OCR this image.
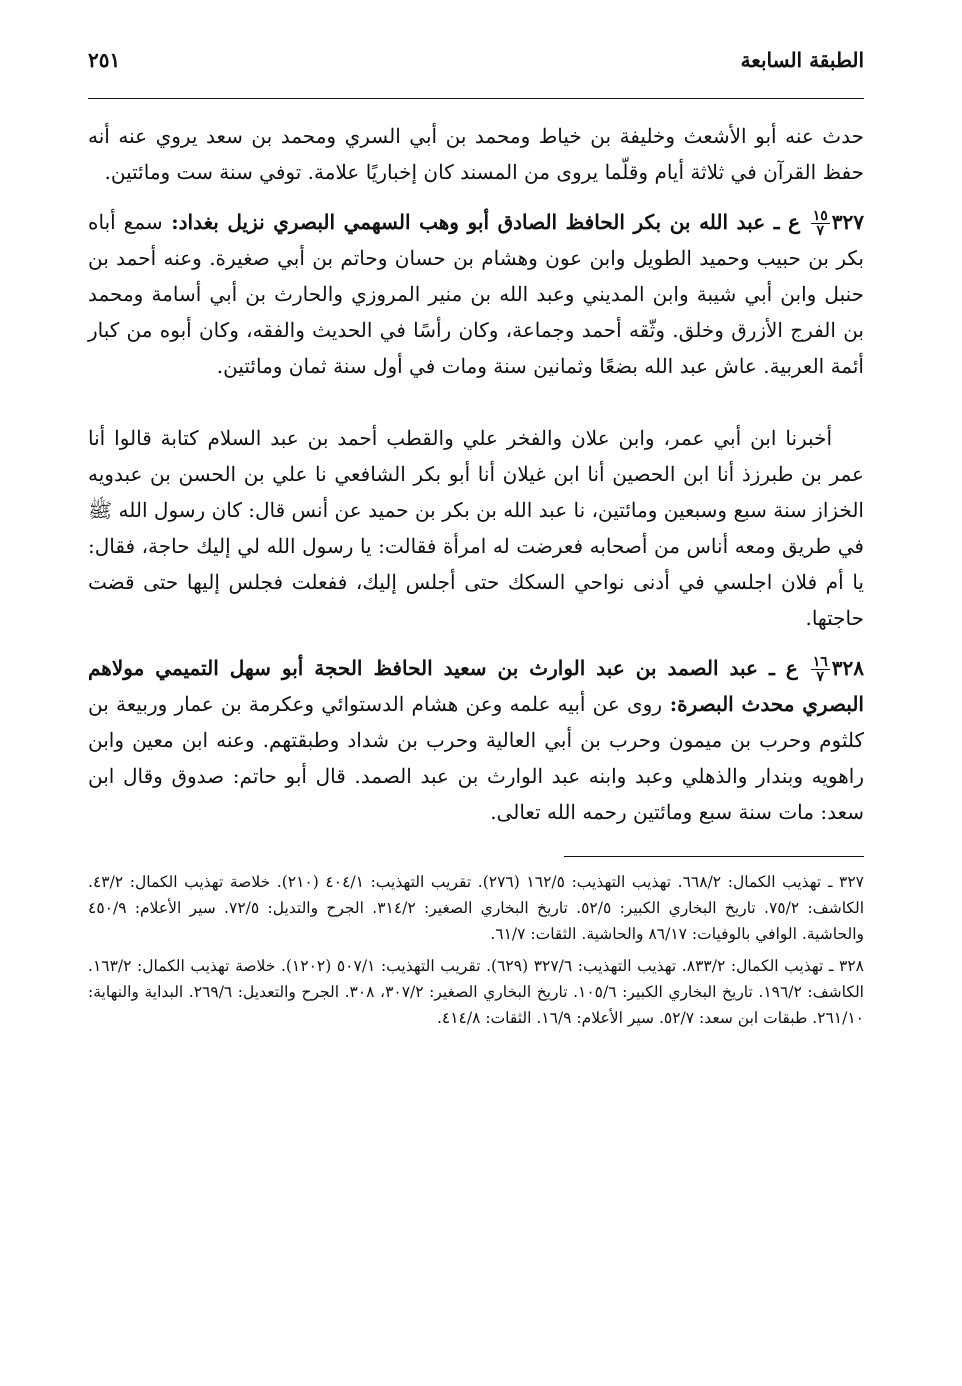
الطبقة السابعة
٢٥١

حدث عنه أبو الأشعث وخليفة بن خياط ومحمد بن أبي السري ومحمد بن سعد يروي عنه أنه حفظ القرآن في ثلاثة أيام وقلّما يروى من المسند كان إخباريًا علامة. توفي سنة ست ومائتين.

٣٢٧
$\frac{١٥}{٧}$
ع ـ عبد الله بن بكر الحافظ الصادق أبو وهب السهمي البصري نزيل بغداد: سمع أباه بكر بن حبيب وحميد الطويل وابن عون وهشام بن حسان وحاتم بن أبي صغيرة. وعنه أحمد بن حنبل وابن أبي شيبة وابن المديني وعبد الله بن منير المروزي والحارث بن أبي أسامة ومحمد بن الفرج الأزرق وخلق. وثّقه أحمد وجماعة، وكان رأسًا في الحديث والفقه، وكان أبوه من كبار أئمة العربية. عاش عبد الله بضعًا وثمانين سنة ومات في أول سنة ثمان ومائتين.

أخبرنا ابن أبي عمر، وابن علان والفخر علي والقطب أحمد بن عبد السلام كتابة قالوا أنا عمر بن طبرزذ أنا ابن الحصين أنا ابن غيلان أنا أبو بكر الشافعي نا علي بن الحسن بن عبدويه الخزاز سنة سبع وسبعين ومائتين، نا عبد الله بن بكر بن حميد عن أنس قال: كان رسول الله ﷺ في طريق ومعه أناس من أصحابه فعرضت له امرأة فقالت: يا رسول الله لي إليك حاجة، فقال: يا أم فلان اجلسي في أدنى نواحي السكك حتى أجلس إليك، ففعلت فجلس إليها حتى قضت حاجتها.

٣٢٨
$\frac{١٦}{٧}$
ع ـ عبد الصمد بن عبد الوارث بن سعيد الحافظ الحجة أبو سهل التميمي مولاهم البصري محدث البصرة: روى عن أبيه علمه وعن هشام الدستوائي وعكرمة بن عمار وربيعة بن كلثوم وحرب بن ميمون وحرب بن أبي العالية وحرب بن شداد وطبقتهم. وعنه ابن معين وابن راهويه وبندار والذهلي وعبد وابنه عبد الوارث بن عبد الصمد. قال أبو حاتم: صدوق وقال ابن سعد: مات سنة سبع ومائتين رحمه الله تعالى.

٣٢٧ ـ تهذيب الكمال: ٦٦٨/٢. تهذيب التهذيب: ١٦٢/٥ (٢٧٦). تقريب التهذيب: ٤٠٤/١ (٢١٠). خلاصة تهذيب الكمال: ٤٣/٢. الكاشف: ٧٥/٢. تاريخ البخاري الكبير: ٥٢/٥. تاريخ البخاري الصغير: ٣١٤/٢. الجرح والتديل: ٧٢/٥. سير الأعلام: ٤٥٠/٩ والحاشية. الوافي بالوفيات: ٨٦/١٧ والحاشية. الثقات: ٦١/٧.

٣٢٨ ـ تهذيب الكمال: ٨٣٣/٢. تهذيب التهذيب: ٣٢٧/٦ (٦٢٩). تقريب التهذيب: ٥٠٧/١ (١٢٠٢). خلاصة تهذيب الكمال: ١٦٣/٢. الكاشف: ١٩٦/٢. تاريخ البخاري الكبير: ١٠٥/٦. تاريخ البخاري الصغير: ٣٠٧/٢، ٣٠٨. الجرح والتعديل: ٢٦٩/٦. البداية والنهاية: ٢٦١/١٠. طبقات ابن سعد: ٥٢/٧. سير الأعلام: ١٦/٩. الثقات: ٤١٤/٨.
